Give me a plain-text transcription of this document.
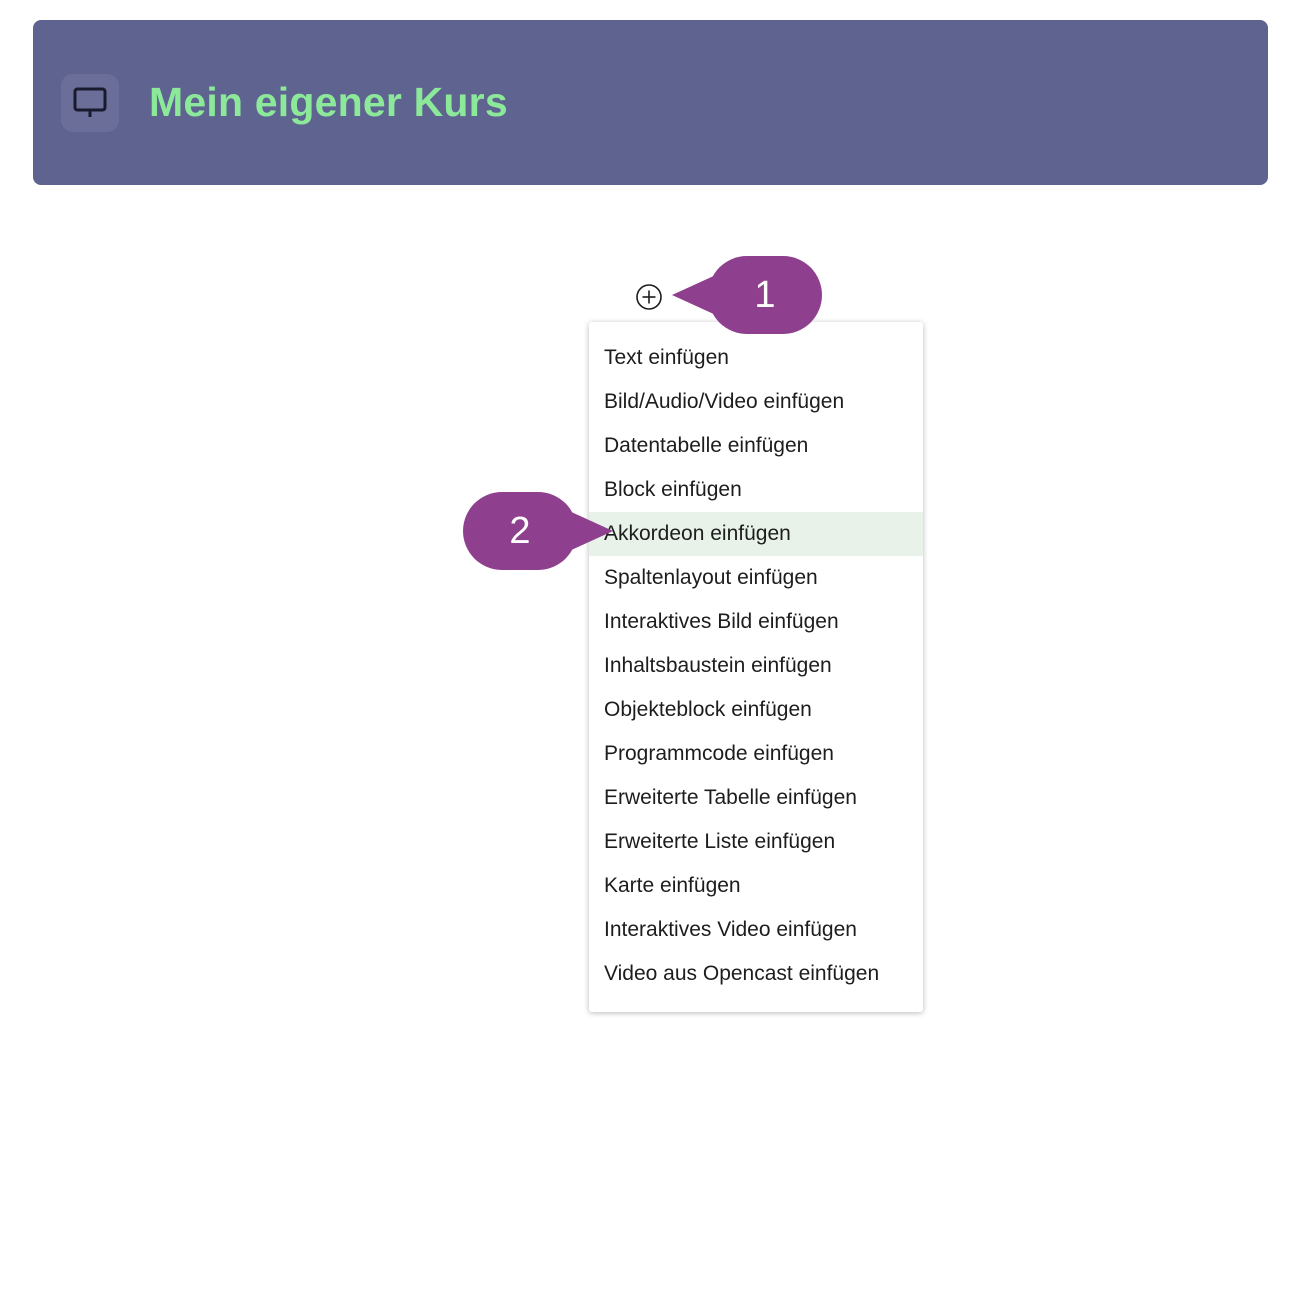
Mein eigener Kurs
Text einfügen
Bild/Audio/Video einfügen
Datentabelle einfügen
Block einfügen
Akkordeon einfügen
Spaltenlayout einfügen
Interaktives Bild einfügen
Inhaltsbaustein einfügen
Objekteblock einfügen
Programmcode einfügen
Erweiterte Tabelle einfügen
Erweiterte Liste einfügen
Karte einfügen
Interaktives Video einfügen
Video aus Opencast einfügen
1
2
